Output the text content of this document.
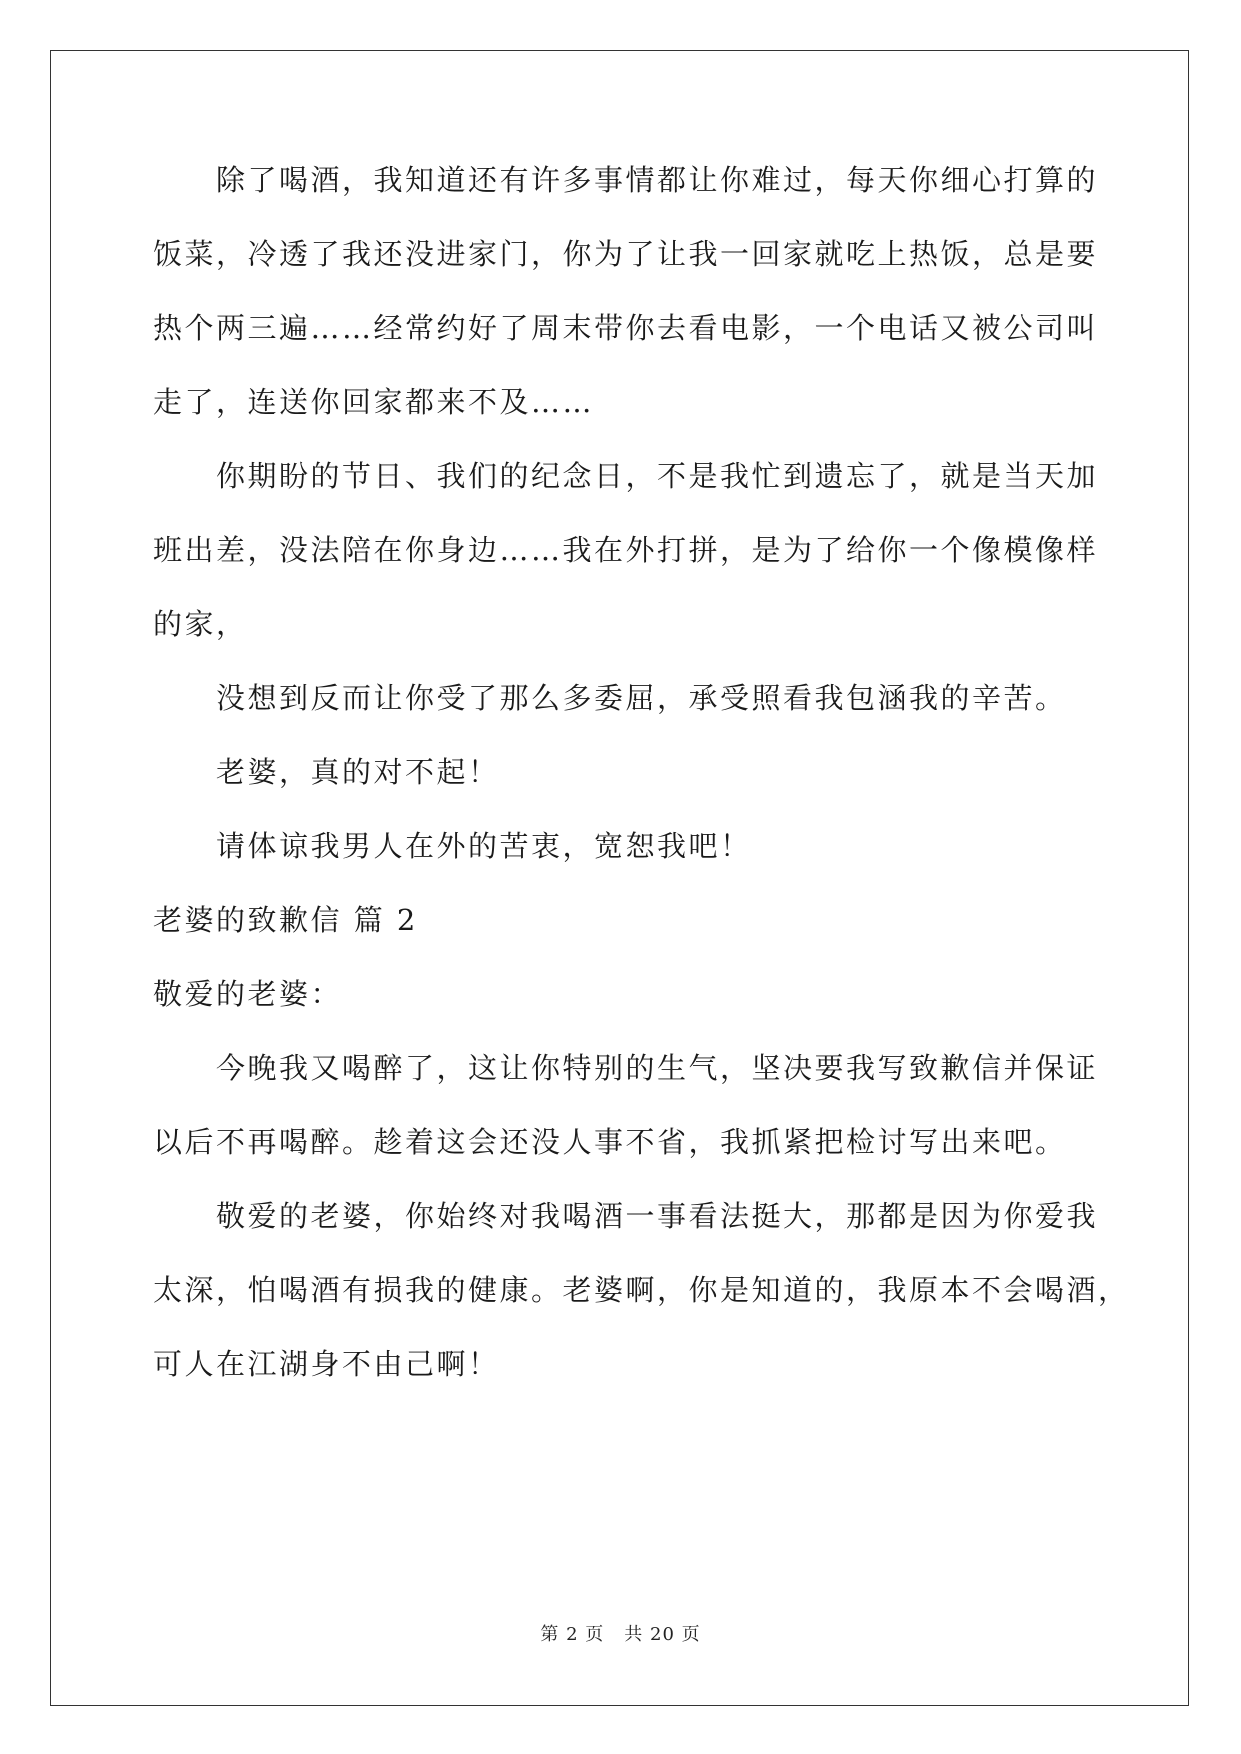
除了喝酒，我知道还有许多事情都让你难过，每天你细心打算的
饭菜，冷透了我还没进家门，你为了让我一回家就吃上热饭，总是要
热个两三遍……经常约好了周末带你去看电影，一个电话又被公司叫
走了，连送你回家都来不及……
你期盼的节日、我们的纪念日，不是我忙到遗忘了，就是当天加
班出差，没法陪在你身边……我在外打拼，是为了给你一个像模像样
的家，
没想到反而让你受了那么多委屈，承受照看我包涵我的辛苦。
老婆，真的对不起！
请体谅我男人在外的苦衷，宽恕我吧！
老婆的致歉信 篇 2
敬爱的老婆：
今晚我又喝醉了，这让你特别的生气，坚决要我写致歉信并保证
以后不再喝醉。趁着这会还没人事不省，我抓紧把检讨写出来吧。
敬爱的老婆，你始终对我喝酒一事看法挺大，那都是因为你爱我
太深，怕喝酒有损我的健康。老婆啊，你是知道的，我原本不会喝酒，
可人在江湖身不由己啊！
第 2 页 共 20 页
